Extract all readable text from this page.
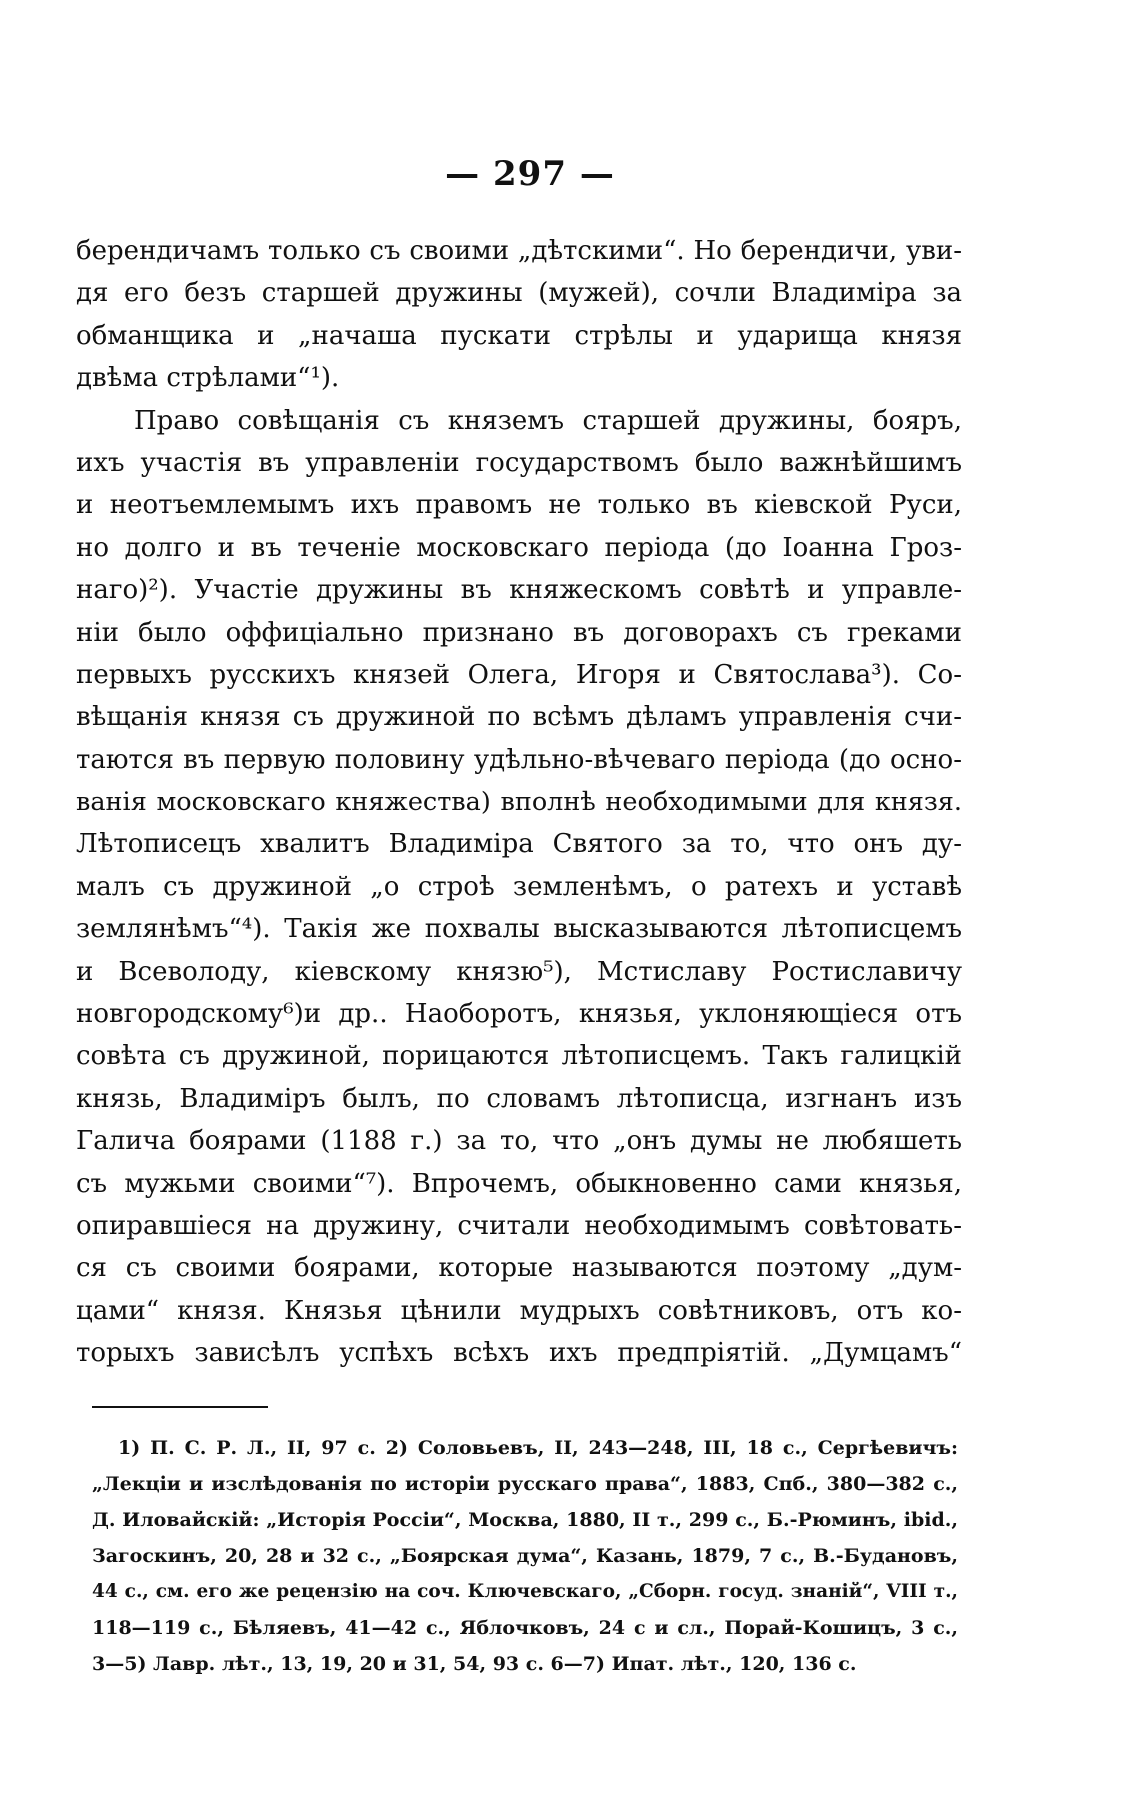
— 297 —
берендичамъ только съ своими „дѣтскими“. Но берендичи, уви-
дя его безъ старшей дружины (мужей), сочли Владиміра за
обманщика и „начаша пускати стрѣлы и ударища князя
двѣма стрѣлами“¹).
Право совѣщанія съ княземъ старшей дружины, бояръ,
ихъ участія въ управленіи государствомъ было важнѣйшимъ
и неотъемлемымъ ихъ правомъ не только въ кіевской Руси,
но долго и въ теченіе московскаго періода (до Іоанна Гроз-
наго)²). Участіе дружины въ княжескомъ совѣтѣ и управле-
ніи было оффиціально признано въ договорахъ съ греками
первыхъ русскихъ князей Олега, Игоря и Святослава³). Со-
вѣщанія князя съ дружиной по всѣмъ дѣламъ управленія счи-
таются въ первую половину удѣльно-вѣчеваго періода (до осно-
ванія московскаго княжества) вполнѣ необходимыми для князя.
Лѣтописецъ хвалитъ Владиміра Святого за то, что онъ ду-
малъ съ дружиной „о строѣ земленѣмъ, о ратехъ и уставѣ
землянѣмъ“⁴). Такія же похвалы высказываются лѣтописцемъ
и Всеволоду, кіевскому князю⁵), Мстиславу Ростиславичу
новгородскому⁶)и др.. Наоборотъ, князья, уклоняющіеся отъ
совѣта съ дружиной, порицаются лѣтописцемъ. Такъ галицкій
князь, Владиміръ былъ, по словамъ лѣтописца, изгнанъ изъ
Галича боярами (1188 г.) за то, что „онъ думы не любяшеть
съ мужьми своими“⁷). Впрочемъ, обыкновенно сами князья,
опиравшіеся на дружину, считали необходимымъ совѣтовать-
ся съ своими боярами, которые называются поэтому „дум-
цами“ князя. Князья цѣнили мудрыхъ совѣтниковъ, отъ ко-
торыхъ зависѣлъ успѣхъ всѣхъ ихъ предпріятій. „Думцамъ“
1) П. С. Р. Л., II, 97 с. 2) Соловьевъ, II, 243—248, III, 18 с., Сергѣевичъ:
„Лекціи и изслѣдованія по исторіи русскаго права“, 1883, Спб., 380—382 с.,
Д. Иловайскій: „Исторія Россіи“, Москва, 1880, II т., 299 с., Б.-Рюминъ, ibid.,
Загоскинъ, 20, 28 и 32 с., „Боярская дума“, Казань, 1879, 7 с., В.-Будановъ,
44 с., см. его же рецензію на соч. Ключевскаго, „Сборн. госуд. знаній“, VIII т.,
118—119 с., Бѣляевъ, 41—42 с., Яблочковъ, 24 с и сл., Порай-Кошицъ, 3 с.,
3—5) Лавр. лѣт., 13, 19, 20 и 31, 54, 93 с. 6—7) Ипат. лѣт., 120, 136 с.
